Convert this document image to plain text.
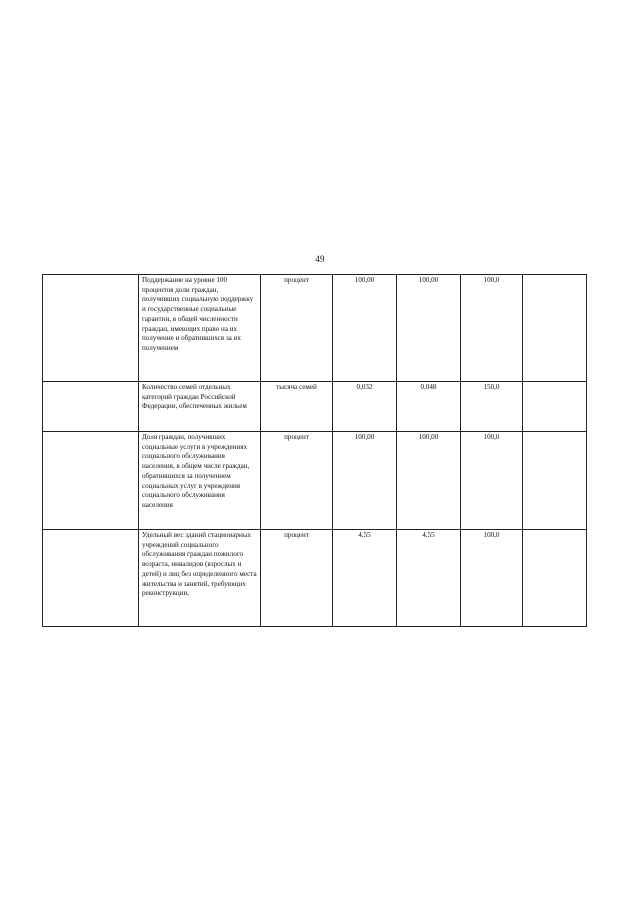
49

	Поддержание на уровне 100 процентов доли граждан, получивших социальную поддержку и государственные социальные гарантии, в общей численности граждан, имеющих право на их получение и обратившихся за их получением	процент	100,00	100,00	100,0	

	Количество семей отдельных категорий граждан Российской Федерации, обеспеченных жильем	тысяча семей	0,032	0,048	150,0	

	Доля граждан, получивших социальные услуги в учреждениях социального обслуживания населения, в общем числе граждан, обратившихся за получением социальных услуг в учреждения социального обслуживания населения	процент	100,00	100,00	100,0	

	Удельный вес зданий стационарных учреждений социального обслуживания граждан пожилого возраста, инвалидов (взрослых и детей) и лиц без определенного места жительства и занятий, требующих реконструкции,	процент	4,55	4,55	100,0	
